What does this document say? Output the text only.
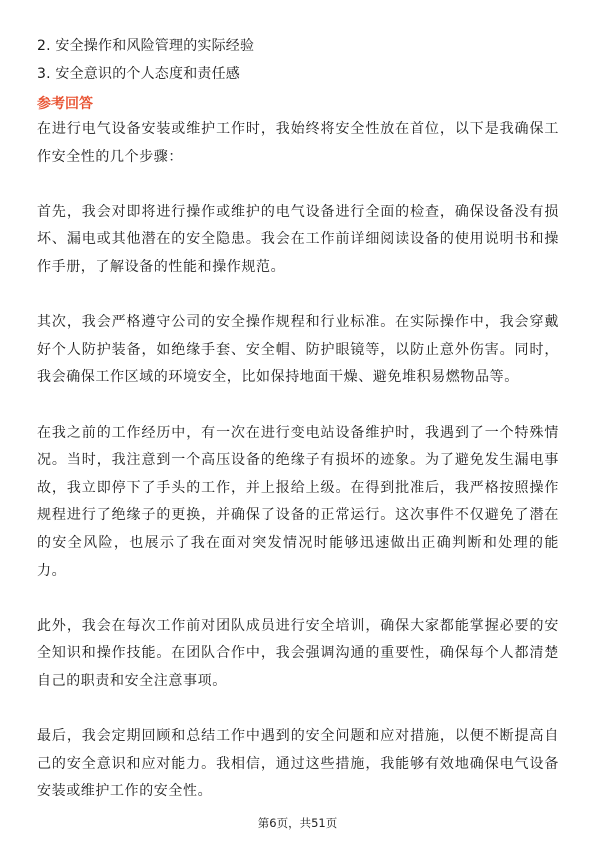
2. 安全操作和风险管理的实际经验
3. 安全意识的个人态度和责任感
参考回答

在进行电气设备安装或维护工作时，我始终将安全性放在首位，以下是我确保工作安全性的几个步骤：

首先，我会对即将进行操作或维护的电气设备进行全面的检查，确保设备没有损坏、漏电或其他潜在的安全隐患。我会在工作前详细阅读设备的使用说明书和操作手册，了解设备的性能和操作规范。

其次，我会严格遵守公司的安全操作规程和行业标准。在实际操作中，我会穿戴好个人防护装备，如绝缘手套、安全帽、防护眼镜等，以防止意外伤害。同时，我会确保工作区域的环境安全，比如保持地面干燥、避免堆积易燃物品等。

在我之前的工作经历中，有一次在进行变电站设备维护时，我遇到了一个特殊情况。当时，我注意到一个高压设备的绝缘子有损坏的迹象。为了避免发生漏电事故，我立即停下了手头的工作，并上报给上级。在得到批准后，我严格按照操作规程进行了绝缘子的更换，并确保了设备的正常运行。这次事件不仅避免了潜在的安全风险，也展示了我在面对突发情况时能够迅速做出正确判断和处理的能力。

此外，我会在每次工作前对团队成员进行安全培训，确保大家都能掌握必要的安全知识和操作技能。在团队合作中，我会强调沟通的重要性，确保每个人都清楚自己的职责和安全注意事项。

最后，我会定期回顾和总结工作中遇到的安全问题和应对措施，以便不断提高自己的安全意识和应对能力。我相信，通过这些措施，我能够有效地确保电气设备安装或维护工作的安全性。

第6页，共51页
